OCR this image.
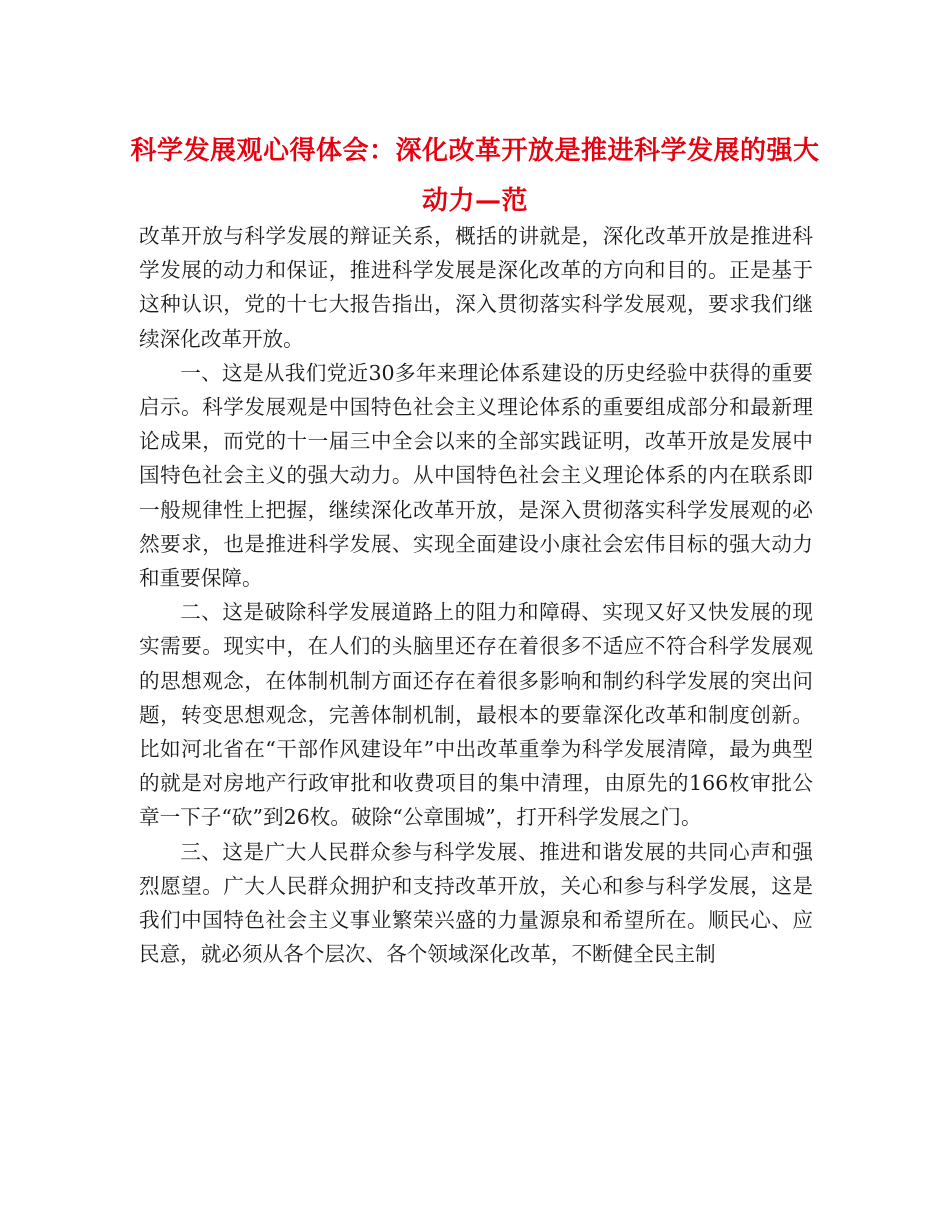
科学发展观心得体会：深化改革开放是推进科学发展的强大动力—范

改革开放与科学发展的辩证关系，概括的讲就是，深化改革开放是推进科学发展的动力和保证，推进科学发展是深化改革的方向和目的。正是基于这种认识，党的十七大报告指出，深入贯彻落实科学发展观，要求我们继续深化改革开放。

一、这是从我们党近30多年来理论体系建设的历史经验中获得的重要启示。科学发展观是中国特色社会主义理论体系的重要组成部分和最新理论成果，而党的十一届三中全会以来的全部实践证明，改革开放是发展中国特色社会主义的强大动力。从中国特色社会主义理论体系的内在联系即一般规律性上把握，继续深化改革开放，是深入贯彻落实科学发展观的必然要求，也是推进科学发展、实现全面建设小康社会宏伟目标的强大动力和重要保障。

二、这是破除科学发展道路上的阻力和障碍、实现又好又快发展的现实需要。现实中，在人们的头脑里还存在着很多不适应不符合科学发展观的思想观念，在体制机制方面还存在着很多影响和制约科学发展的突出问题，转变思想观念，完善体制机制，最根本的要靠深化改革和制度创新。比如河北省在“干部作风建设年”中出改革重拳为科学发展清障，最为典型的就是对房地产行政审批和收费项目的集中清理，由原先的166枚审批公章一下子“砍”到26枚。破除“公章围城”，打开科学发展之门。

三、这是广大人民群众参与科学发展、推进和谐发展的共同心声和强烈愿望。广大人民群众拥护和支持改革开放，关心和参与科学发展，这是我们中国特色社会主义事业繁荣兴盛的力量源泉和希望所在。顺民心、应民意，就必须从各个层次、各个领域深化改革，不断健全民主制
